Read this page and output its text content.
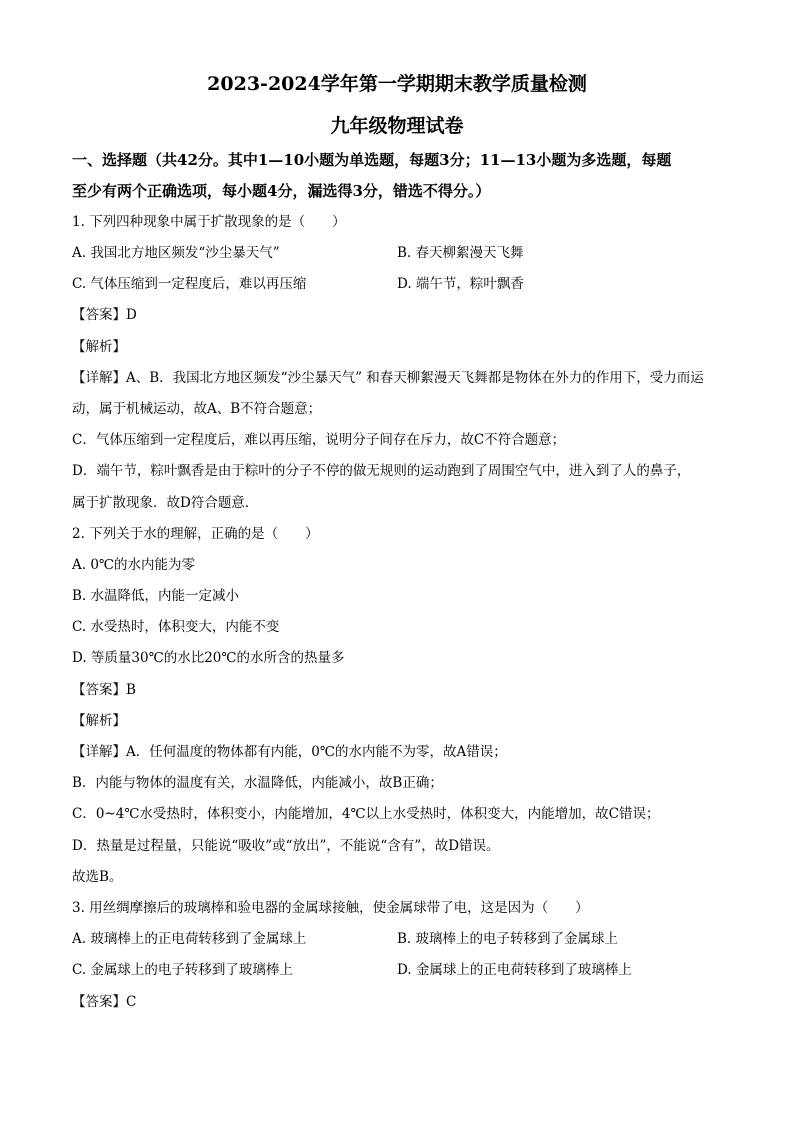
2023-2024学年第一学期期末教学质量检测
九年级物理试卷
一、选择题（共42分。其中1—10小题为单选题，每题3分；11—13小题为多选题，每题
至少有两个正确选项，每小题4分，漏选得3分，错选不得分。）
1. 下列四种现象中属于扩散现象的是（　　）
A. 我国北方地区频发“沙尘暴天气”	B. 春天柳絮漫天飞舞
C. 气体压缩到一定程度后，难以再压缩	D. 端午节，粽叶飘香
【答案】D
【解析】
【详解】A、B．我国北方地区频发“沙尘暴天气” 和春天柳絮漫天飞舞都是物体在外力的作用下，受力而运
动，属于机械运动，故A、B不符合题意；
C．气体压缩到一定程度后，难以再压缩，说明分子间存在斥力，故C不符合题意；
D．端午节，粽叶飘香是由于粽叶的分子不停的做无规则的运动跑到了周围空气中，进入到了人的鼻子，
属于扩散现象．故D符合题意．
2. 下列关于水的理解，正确的是（　　）
A. 0℃的水内能为零
B. 水温降低，内能一定减小
C. 水受热时，体积变大，内能不变
D. 等质量30℃的水比20℃的水所含的热量多
【答案】B
【解析】
【详解】A．任何温度的物体都有内能，0℃的水内能不为零，故A错误；
B．内能与物体的温度有关，水温降低，内能减小，故B正确；
C．0~4℃水受热时，体积变小，内能增加，4℃以上水受热时，体积变大，内能增加，故C错误；
D．热量是过程量，只能说“吸收”或“放出”，不能说“含有”，故D错误。
故选B。
3. 用丝绸摩擦后的玻璃棒和验电器的金属球接触，使金属球带了电，这是因为（　　）
A. 玻璃棒上的正电荷转移到了金属球上	B. 玻璃棒上的电子转移到了金属球上
C. 金属球上的电子转移到了玻璃棒上	D. 金属球上的正电荷转移到了玻璃棒上
【答案】C
